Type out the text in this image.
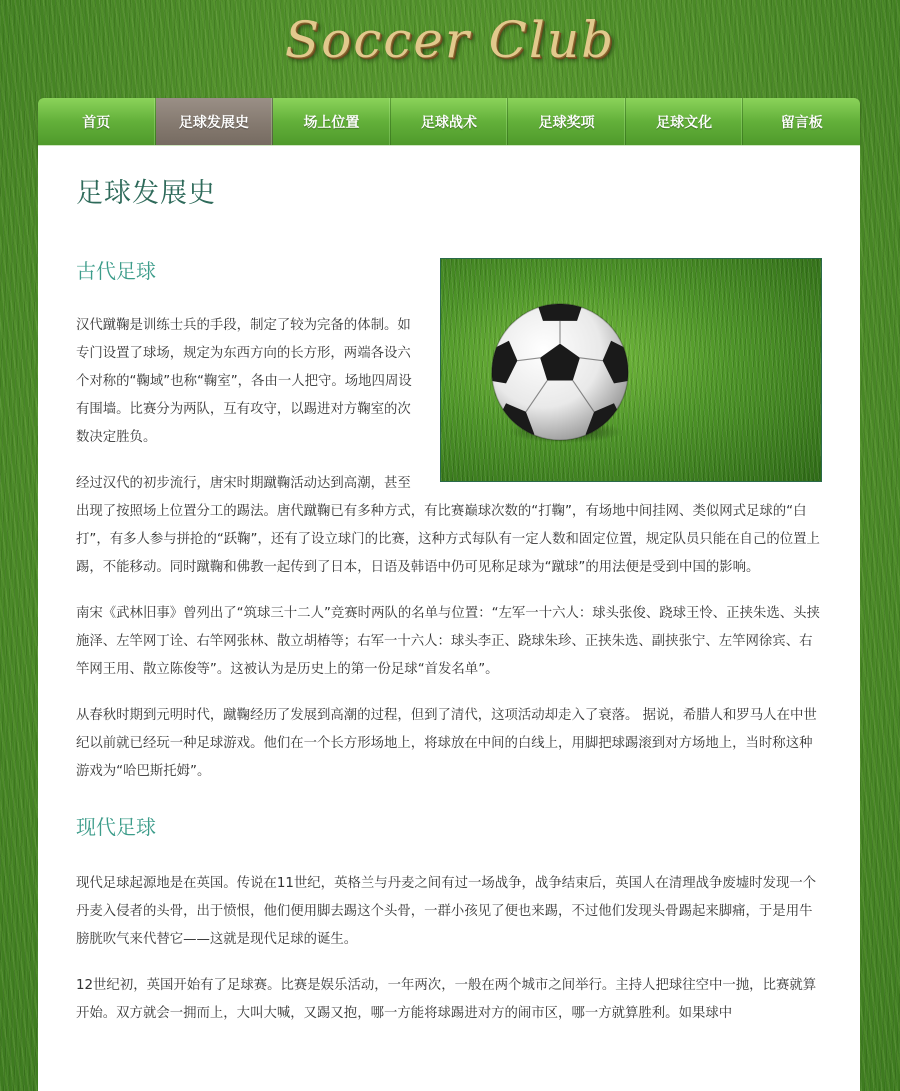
Soccer Club
首页	足球发展史	场上位置	足球战术	足球奖项	足球文化	留言板
足球发展史
古代足球

汉代蹴鞠是训练士兵的手段，制定了较为完备的体制。如专门设置了球场，规定为东西方向的长方形，两端各设六个对称的“鞠域”也称“鞠室”，各由一人把守。场地四周设有围墙。比赛分为两队，互有攻守，以踢进对方鞠室的次数决定胜负。

经过汉代的初步流行，唐宋时期蹴鞠活动达到高潮，甚至出现了按照场上位置分工的踢法。唐代蹴鞠已有多种方式，有比赛巅球次数的“打鞠”，有场地中间挂网、类似网式足球的“白打”，有多人参与拼抢的“跃鞠”，还有了设立球门的比赛，这种方式每队有一定人数和固定位置，规定队员只能在自己的位置上踢，不能移动。同时蹴鞠和佛教一起传到了日本，日语及韩语中仍可见称足球为“蹴球”的用法便是受到中国的影响。

南宋《武林旧事》曾列出了“筑球三十二人”竞赛时两队的名单与位置：“左军一十六人：球头张俊、跷球王怜、正挟朱选、头挟施泽、左竿网丁诠、右竿网张林、散立胡椿等；右军一十六人：球头李正、跷球朱珍、正挟朱选、副挟张宁、左竿网徐宾、右竿网王用、散立陈俊等”。这被认为是历史上的第一份足球“首发名单”。

从春秋时期到元明时代，蹴鞠经历了发展到高潮的过程，但到了清代，这项活动却走入了衰落。 据说，希腊人和罗马人在中世纪以前就已经玩一种足球游戏。他们在一个长方形场地上，将球放在中间的白线上，用脚把球踢滚到对方场地上，当时称这种游戏为“哈巴斯托姆”。

现代足球

现代足球起源地是在英国。传说在11世纪，英格兰与丹麦之间有过一场战争，战争结束后，英国人在清理战争废墟时发现一个丹麦入侵者的头骨，出于愤恨，他们便用脚去踢这个头骨，一群小孩见了便也来踢，不过他们发现头骨踢起来脚痛，于是用牛膀胱吹气来代替它——这就是现代足球的诞生。

12世纪初，英国开始有了足球赛。比赛是娱乐活动，一年两次，一般在两个城市之间举行。主持人把球往空中一抛，比赛就算开始。双方就会一拥而上，大叫大喊，又踢又抱，哪一方能将球踢进对方的闹市区，哪一方就算胜利。如果球中
